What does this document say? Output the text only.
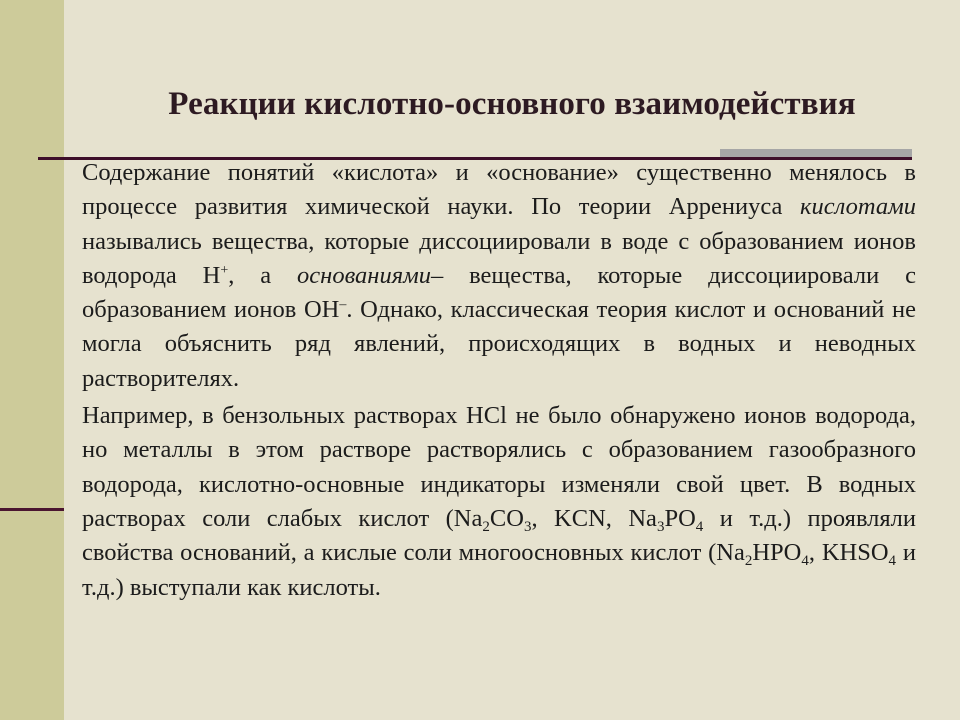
Реакции кислотно-основного взаимодействия

Содержание понятий «кислота» и «основание» существенно менялось в процессе развития химической науки. По теории Аррениуса кислотами назывались вещества, которые диссоциировали в воде с образованием ионов водорода Н+, а основаниями– вещества, которые диссоциировали с образованием ионов ОН–. Однако, классическая теория кислот и оснований не могла объяснить ряд явлений, происходящих в водных и неводных растворителях.

Например, в бензольных растворах HCl не было обнаружено ионов водорода, но металлы в этом растворе растворялись с образованием газообразного водорода, кислотно-основные индикаторы изменяли свой цвет. В водных растворах соли слабых кислот ($Na_2CO_3$, KCN, $Na_3PO_4$ и т.д.) проявляли свойства оснований, а кислые соли многоосновных кислот ($Na_2HPO_4$, $KHSO_4$ и т.д.) выступали как кислоты.
